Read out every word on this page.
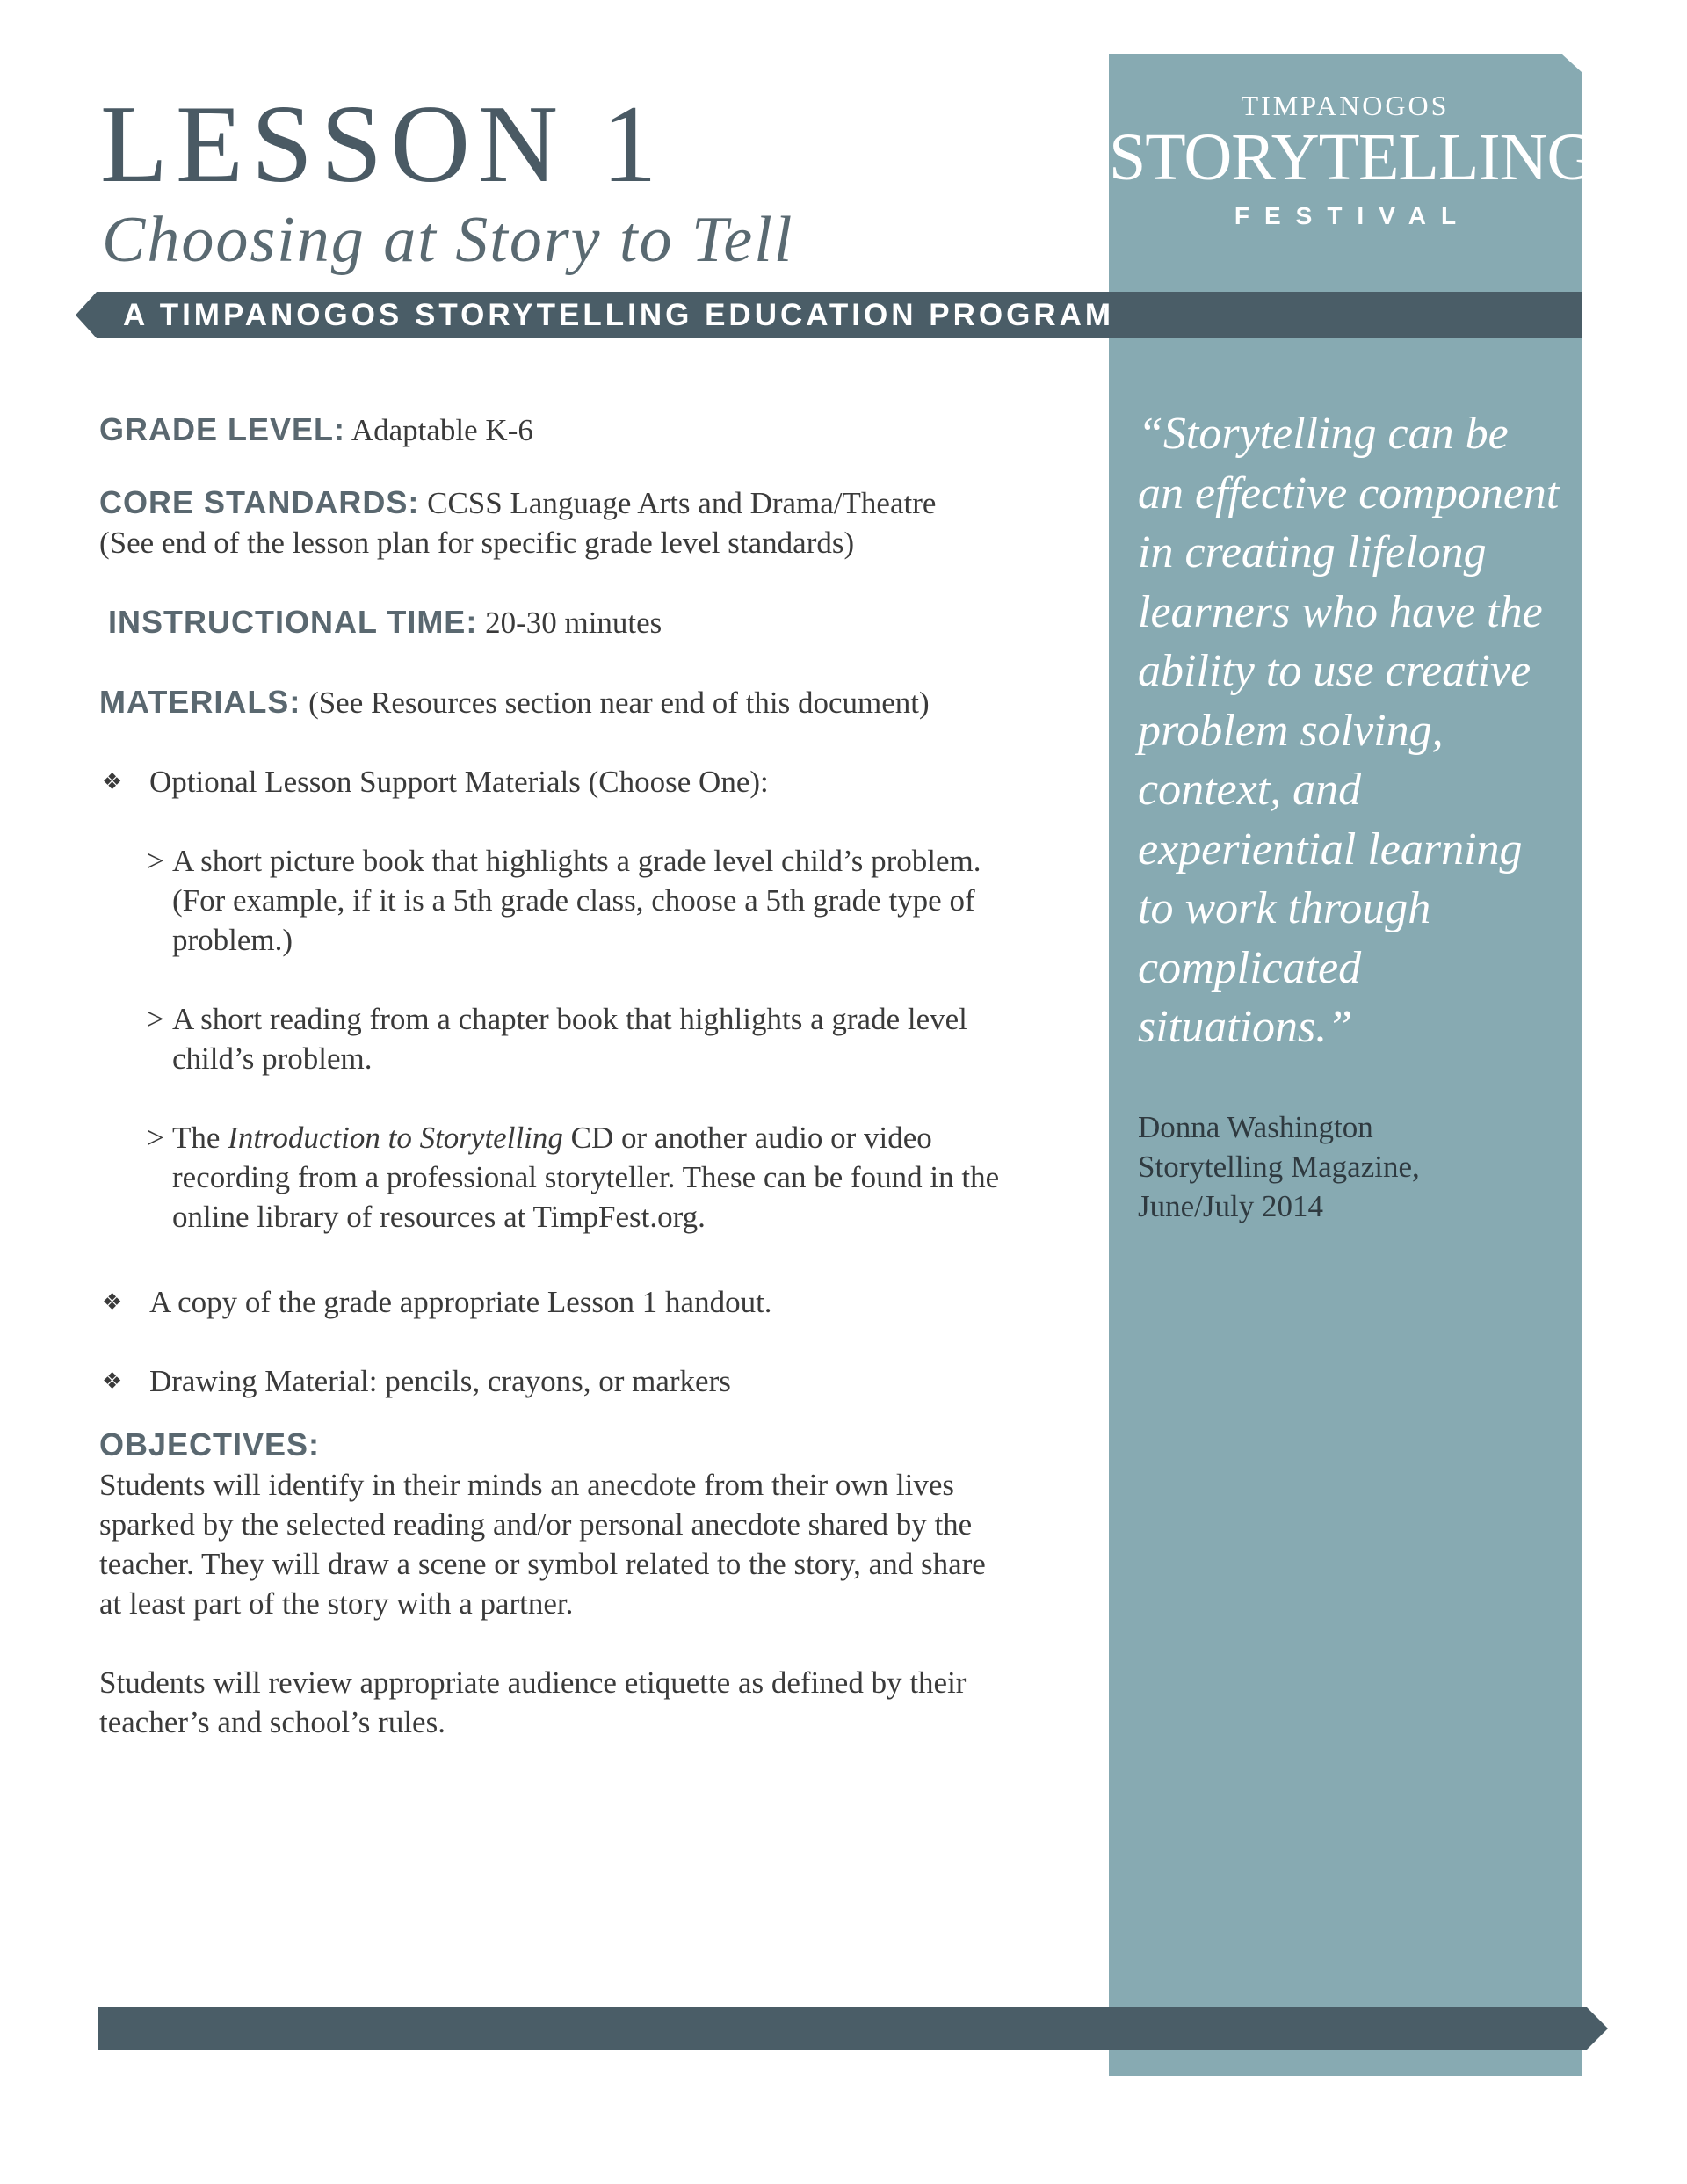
TIMPANOGOS
STORYTELLING
FESTIVAL
LESSON 1
Choosing at Story to Tell
A TIMPANOGOS STORYTELLING EDUCATION PROGRAM

GRADE LEVEL: Adaptable K-6

CORE STANDARDS: CCSS Language Arts and Drama/Theatre

(See end of the lesson plan for specific grade level standards)

INSTRUCTIONAL TIME: 20-30 minutes

MATERIALS: (See Resources section near end of this document)

❖ Optional Lesson Support Materials (Choose One):

> A short picture book that highlights a grade level child’s problem.
(For example, if it is a 5th grade class, choose a 5th grade type of
problem.)
> A short reading from a chapter book that highlights a grade level
child’s problem.
> The Introduction to Storytelling CD or another audio or video
recording from a professional storyteller. These can be found in the
online library of resources at TimpFest.org.

❖ A copy of the grade appropriate Lesson 1 handout.

❖ Drawing Material: pencils, crayons, or markers

OBJECTIVES:

Students will identify in their minds an anecdote from their own lives
sparked by the selected reading and/or personal anecdote shared by the
teacher. They will draw a scene or symbol related to the story, and share
at least part of the story with a partner.
Students will review appropriate audience etiquette as defined by their
teacher’s and school’s rules.
“Storytelling can be
an effective component
in creating lifelong
learners who have the
ability to use creative
problem solving,
context, and
experiential learning
to work through
complicated
situations.”
Donna Washington
Storytelling Magazine,
June/July 2014
